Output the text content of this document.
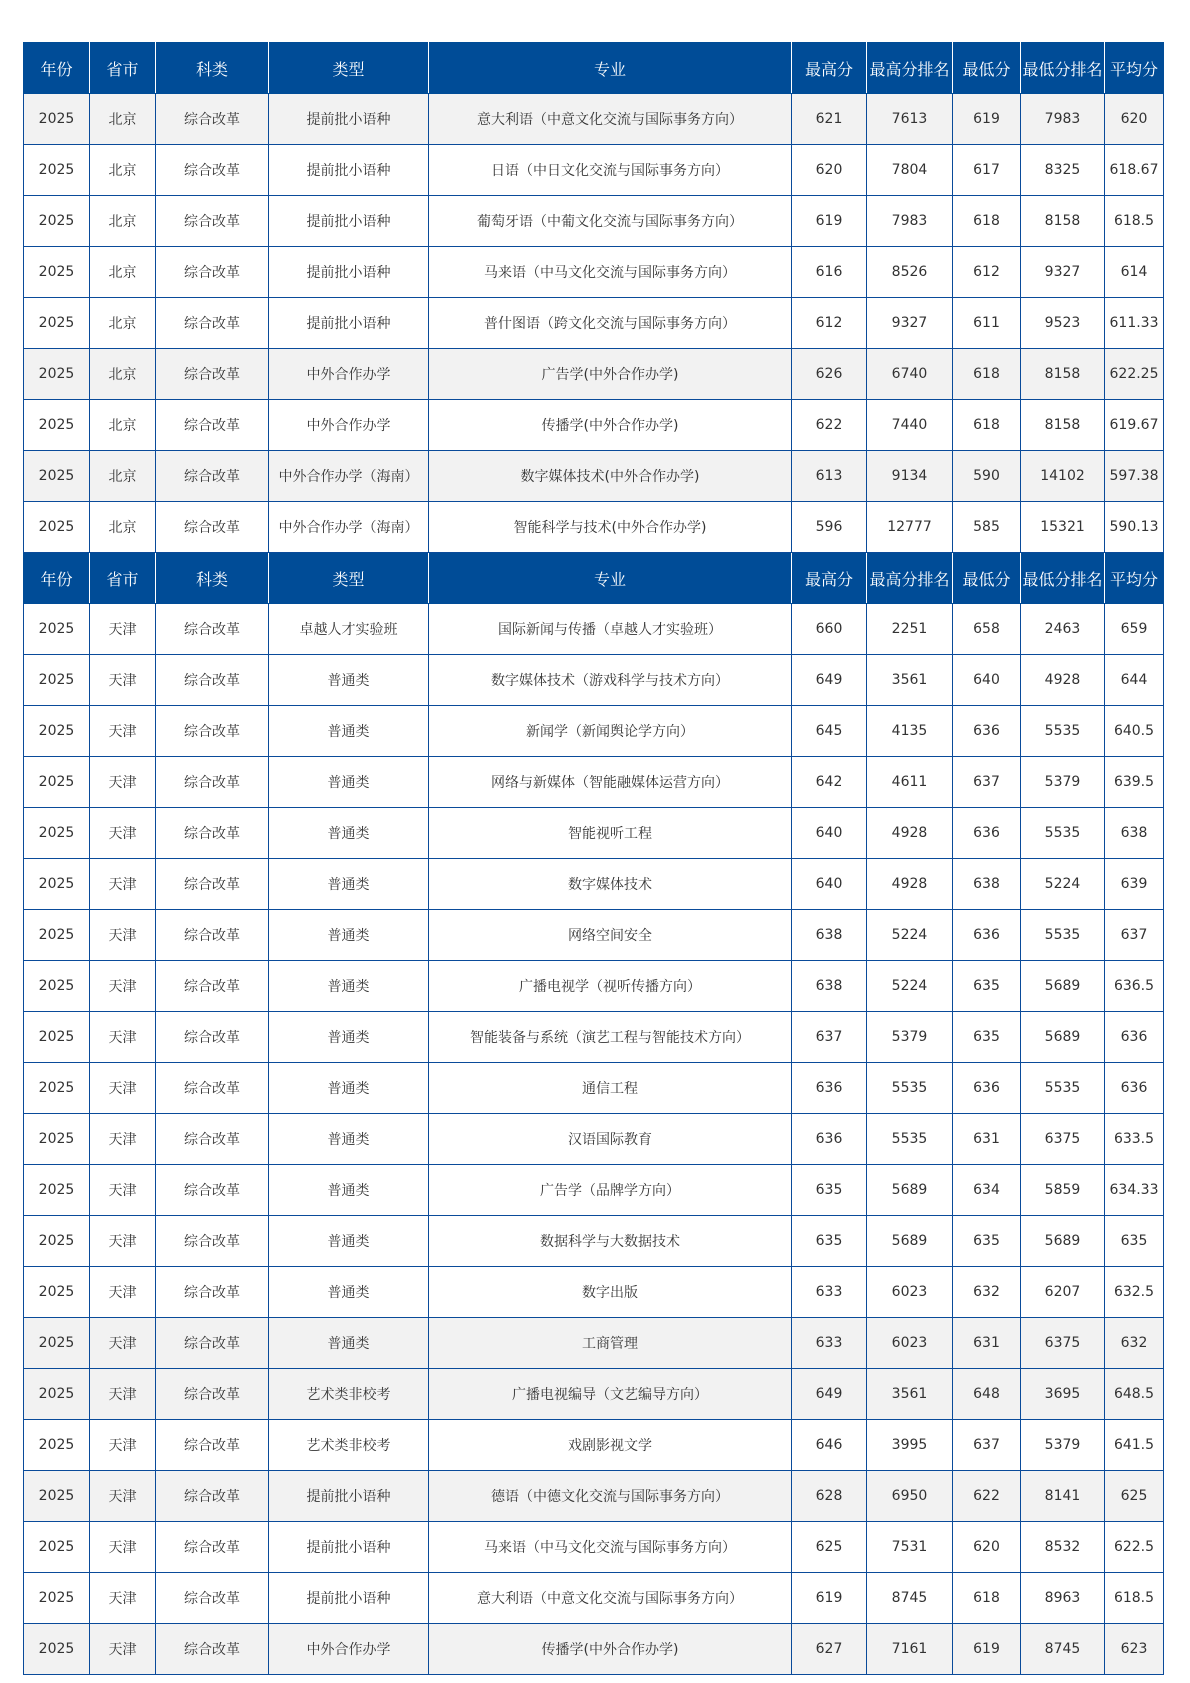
年份	省市	科类	类型	专业	最高分	最高分排名	最低分	最低分排名	平均分
2025	北京	综合改革	提前批小语种	意大利语（中意文化交流与国际事务方向）	621	7613	619	7983	620
2025	北京	综合改革	提前批小语种	日语（中日文化交流与国际事务方向）	620	7804	617	8325	618.67
2025	北京	综合改革	提前批小语种	葡萄牙语（中葡文化交流与国际事务方向）	619	7983	618	8158	618.5
2025	北京	综合改革	提前批小语种	马来语（中马文化交流与国际事务方向）	616	8526	612	9327	614
2025	北京	综合改革	提前批小语种	普什图语（跨文化交流与国际事务方向）	612	9327	611	9523	611.33
2025	北京	综合改革	中外合作办学	广告学(中外合作办学)	626	6740	618	8158	622.25
2025	北京	综合改革	中外合作办学	传播学(中外合作办学)	622	7440	618	8158	619.67
2025	北京	综合改革	中外合作办学（海南）	数字媒体技术(中外合作办学)	613	9134	590	14102	597.38
2025	北京	综合改革	中外合作办学（海南）	智能科学与技术(中外合作办学)	596	12777	585	15321	590.13
年份	省市	科类	类型	专业	最高分	最高分排名	最低分	最低分排名	平均分
2025	天津	综合改革	卓越人才实验班	国际新闻与传播（卓越人才实验班）	660	2251	658	2463	659
2025	天津	综合改革	普通类	数字媒体技术（游戏科学与技术方向）	649	3561	640	4928	644
2025	天津	综合改革	普通类	新闻学（新闻舆论学方向）	645	4135	636	5535	640.5
2025	天津	综合改革	普通类	网络与新媒体（智能融媒体运营方向）	642	4611	637	5379	639.5
2025	天津	综合改革	普通类	智能视听工程	640	4928	636	5535	638
2025	天津	综合改革	普通类	数字媒体技术	640	4928	638	5224	639
2025	天津	综合改革	普通类	网络空间安全	638	5224	636	5535	637
2025	天津	综合改革	普通类	广播电视学（视听传播方向）	638	5224	635	5689	636.5
2025	天津	综合改革	普通类	智能装备与系统（演艺工程与智能技术方向）	637	5379	635	5689	636
2025	天津	综合改革	普通类	通信工程	636	5535	636	5535	636
2025	天津	综合改革	普通类	汉语国际教育	636	5535	631	6375	633.5
2025	天津	综合改革	普通类	广告学（品牌学方向）	635	5689	634	5859	634.33
2025	天津	综合改革	普通类	数据科学与大数据技术	635	5689	635	5689	635
2025	天津	综合改革	普通类	数字出版	633	6023	632	6207	632.5
2025	天津	综合改革	普通类	工商管理	633	6023	631	6375	632
2025	天津	综合改革	艺术类非校考	广播电视编导（文艺编导方向）	649	3561	648	3695	648.5
2025	天津	综合改革	艺术类非校考	戏剧影视文学	646	3995	637	5379	641.5
2025	天津	综合改革	提前批小语种	德语（中德文化交流与国际事务方向）	628	6950	622	8141	625
2025	天津	综合改革	提前批小语种	马来语（中马文化交流与国际事务方向）	625	7531	620	8532	622.5
2025	天津	综合改革	提前批小语种	意大利语（中意文化交流与国际事务方向）	619	8745	618	8963	618.5
2025	天津	综合改革	中外合作办学	传播学(中外合作办学)	627	7161	619	8745	623
